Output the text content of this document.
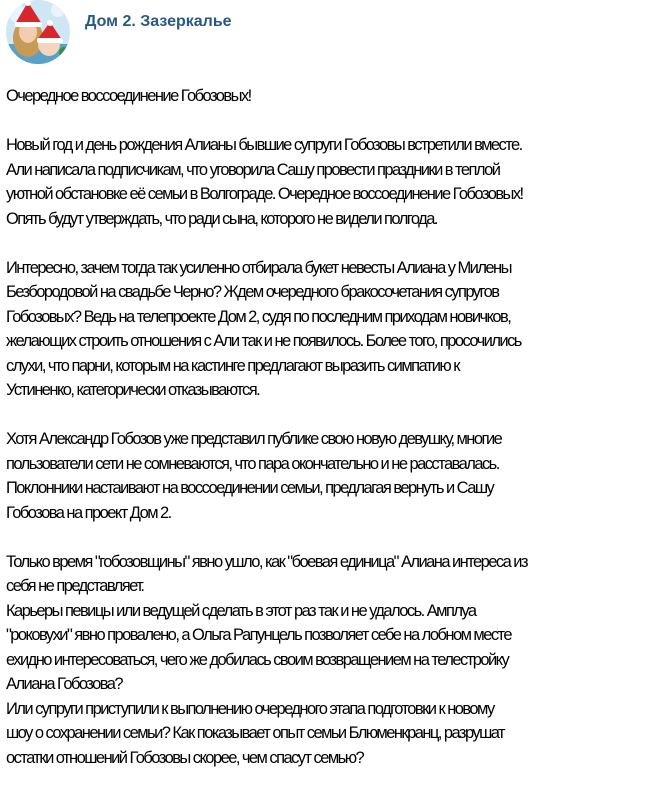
Дом 2. Зазеркалье

Очередное воссоединение Гобозовых!

Новый год и день рождения Алианы бывшие супруги Гобозовы встретили вместе.
Али написала подписчикам, что уговорила Сашу провести праздники в теплой
уютной обстановке её семьи в Волгограде. Очередное воссоединение Гобозовых!
Опять будут утверждать, что ради сына, которого не видели полгода.

Интересно, зачем тогда так усиленно отбирала букет невесты Алиана у Милены
Безбородовой на свадьбе Черно? Ждем очередного бракосочетания супругов
Гобозовых? Ведь на телепроекте Дом 2, судя по последним приходам новичков,
желающих строить отношения с Али так и не появилось. Более того, просочились
слухи, что парни, которым на кастинге предлагают выразить симпатию к
Устиненко, категорически отказываются.

Хотя Александр Гобозов уже представил публике свою новую девушку, многие
пользователи сети не сомневаются, что пара окончательно и не расставалась.
Поклонники настаивают на воссоединении семьи, предлагая вернуть и Сашу
Гобозова на проект Дом 2.

Только время "гобозовщины" явно ушло, как "боевая единица" Алиана интереса из
себя не представляет.
Карьеры певицы или ведущей сделать в этот раз так и не удалось. Амплуа
"роковухи" явно провалено, а Ольга Рапунцель позволяет себе на лобном месте
ехидно интересоваться, чего же добилась своим возвращением на телестройку
Алиана Гобозова?
Или супруги приступили к выполнению очередного этапа подготовки к новому
шоу о сохранении семьи? Как показывает опыт семьи Блюменкранц, разрушат
остатки отношений Гобозовы скорее, чем спасут семью?
